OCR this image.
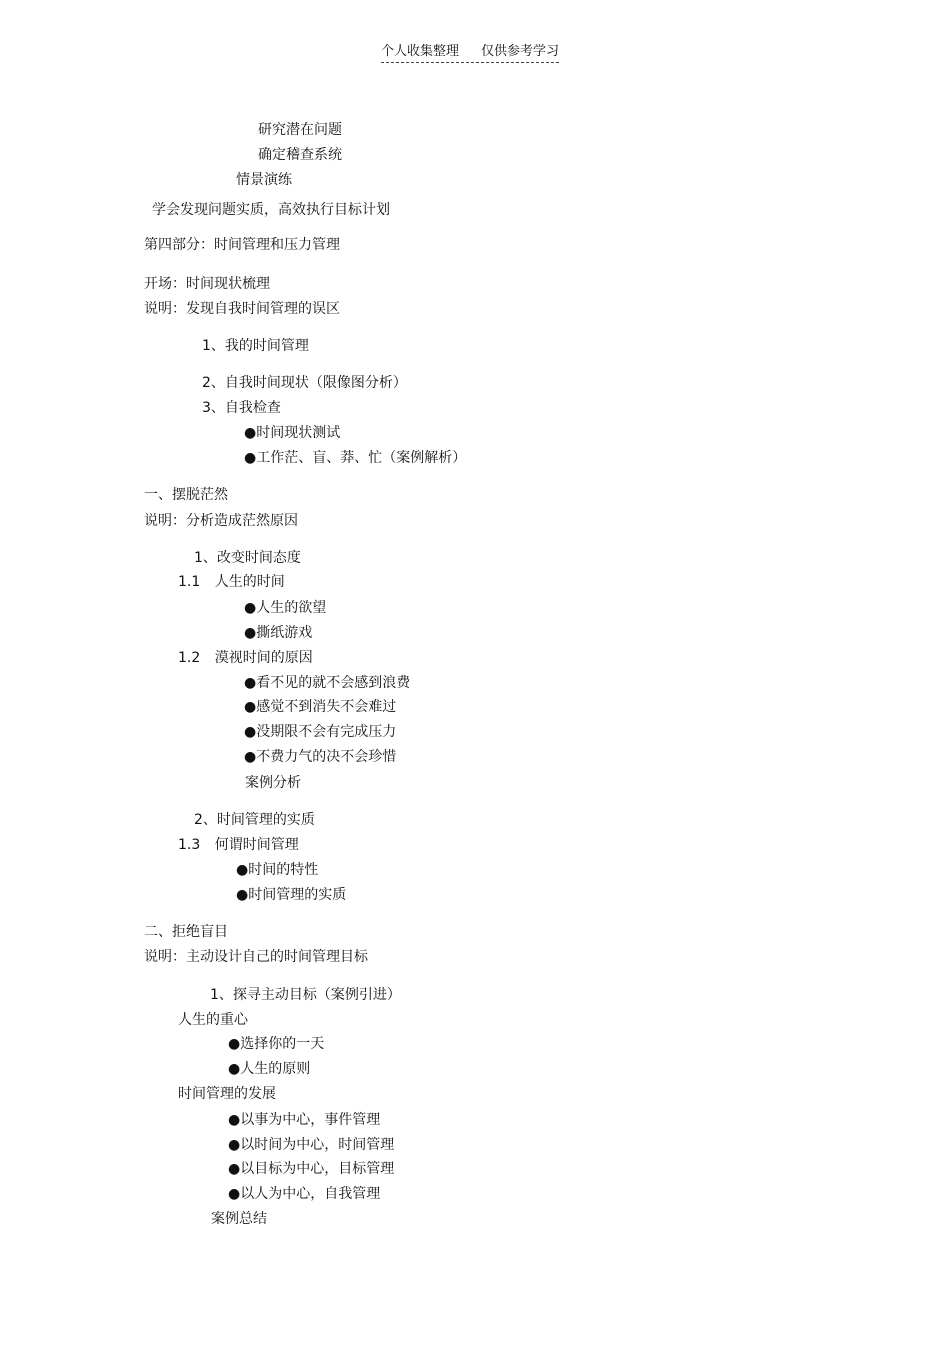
个人收集整理 仅供参考学习
研究潜在问题
确定稽查系统
情景演练
学会发现问题实质，高效执行目标计划
第四部分：时间管理和压力管理
开场：时间现状梳理
说明：发现自我时间管理的误区
1、我的时间管理
2、自我时间现状（限像图分析）
3、自我检查
●时间现状测试
●工作茫、盲、莽、忙（案例解析）
一、摆脱茫然
说明：分析造成茫然原因
1、改变时间态度
1.1 人生的时间
●人生的欲望
●撕纸游戏
1.2 漠视时间的原因
●看不见的就不会感到浪费
●感觉不到消失不会难过
●没期限不会有完成压力
●不费力气的决不会珍惜
案例分析
2、时间管理的实质
1.3 何谓时间管理
●时间的特性
●时间管理的实质
二、拒绝盲目
说明：主动设计自己的时间管理目标
1、探寻主动目标（案例引进）
人生的重心
●选择你的一天
●人生的原则
时间管理的发展
●以事为中心，事件管理
●以时间为中心，时间管理
●以目标为中心，目标管理
●以人为中心，自我管理
案例总结
